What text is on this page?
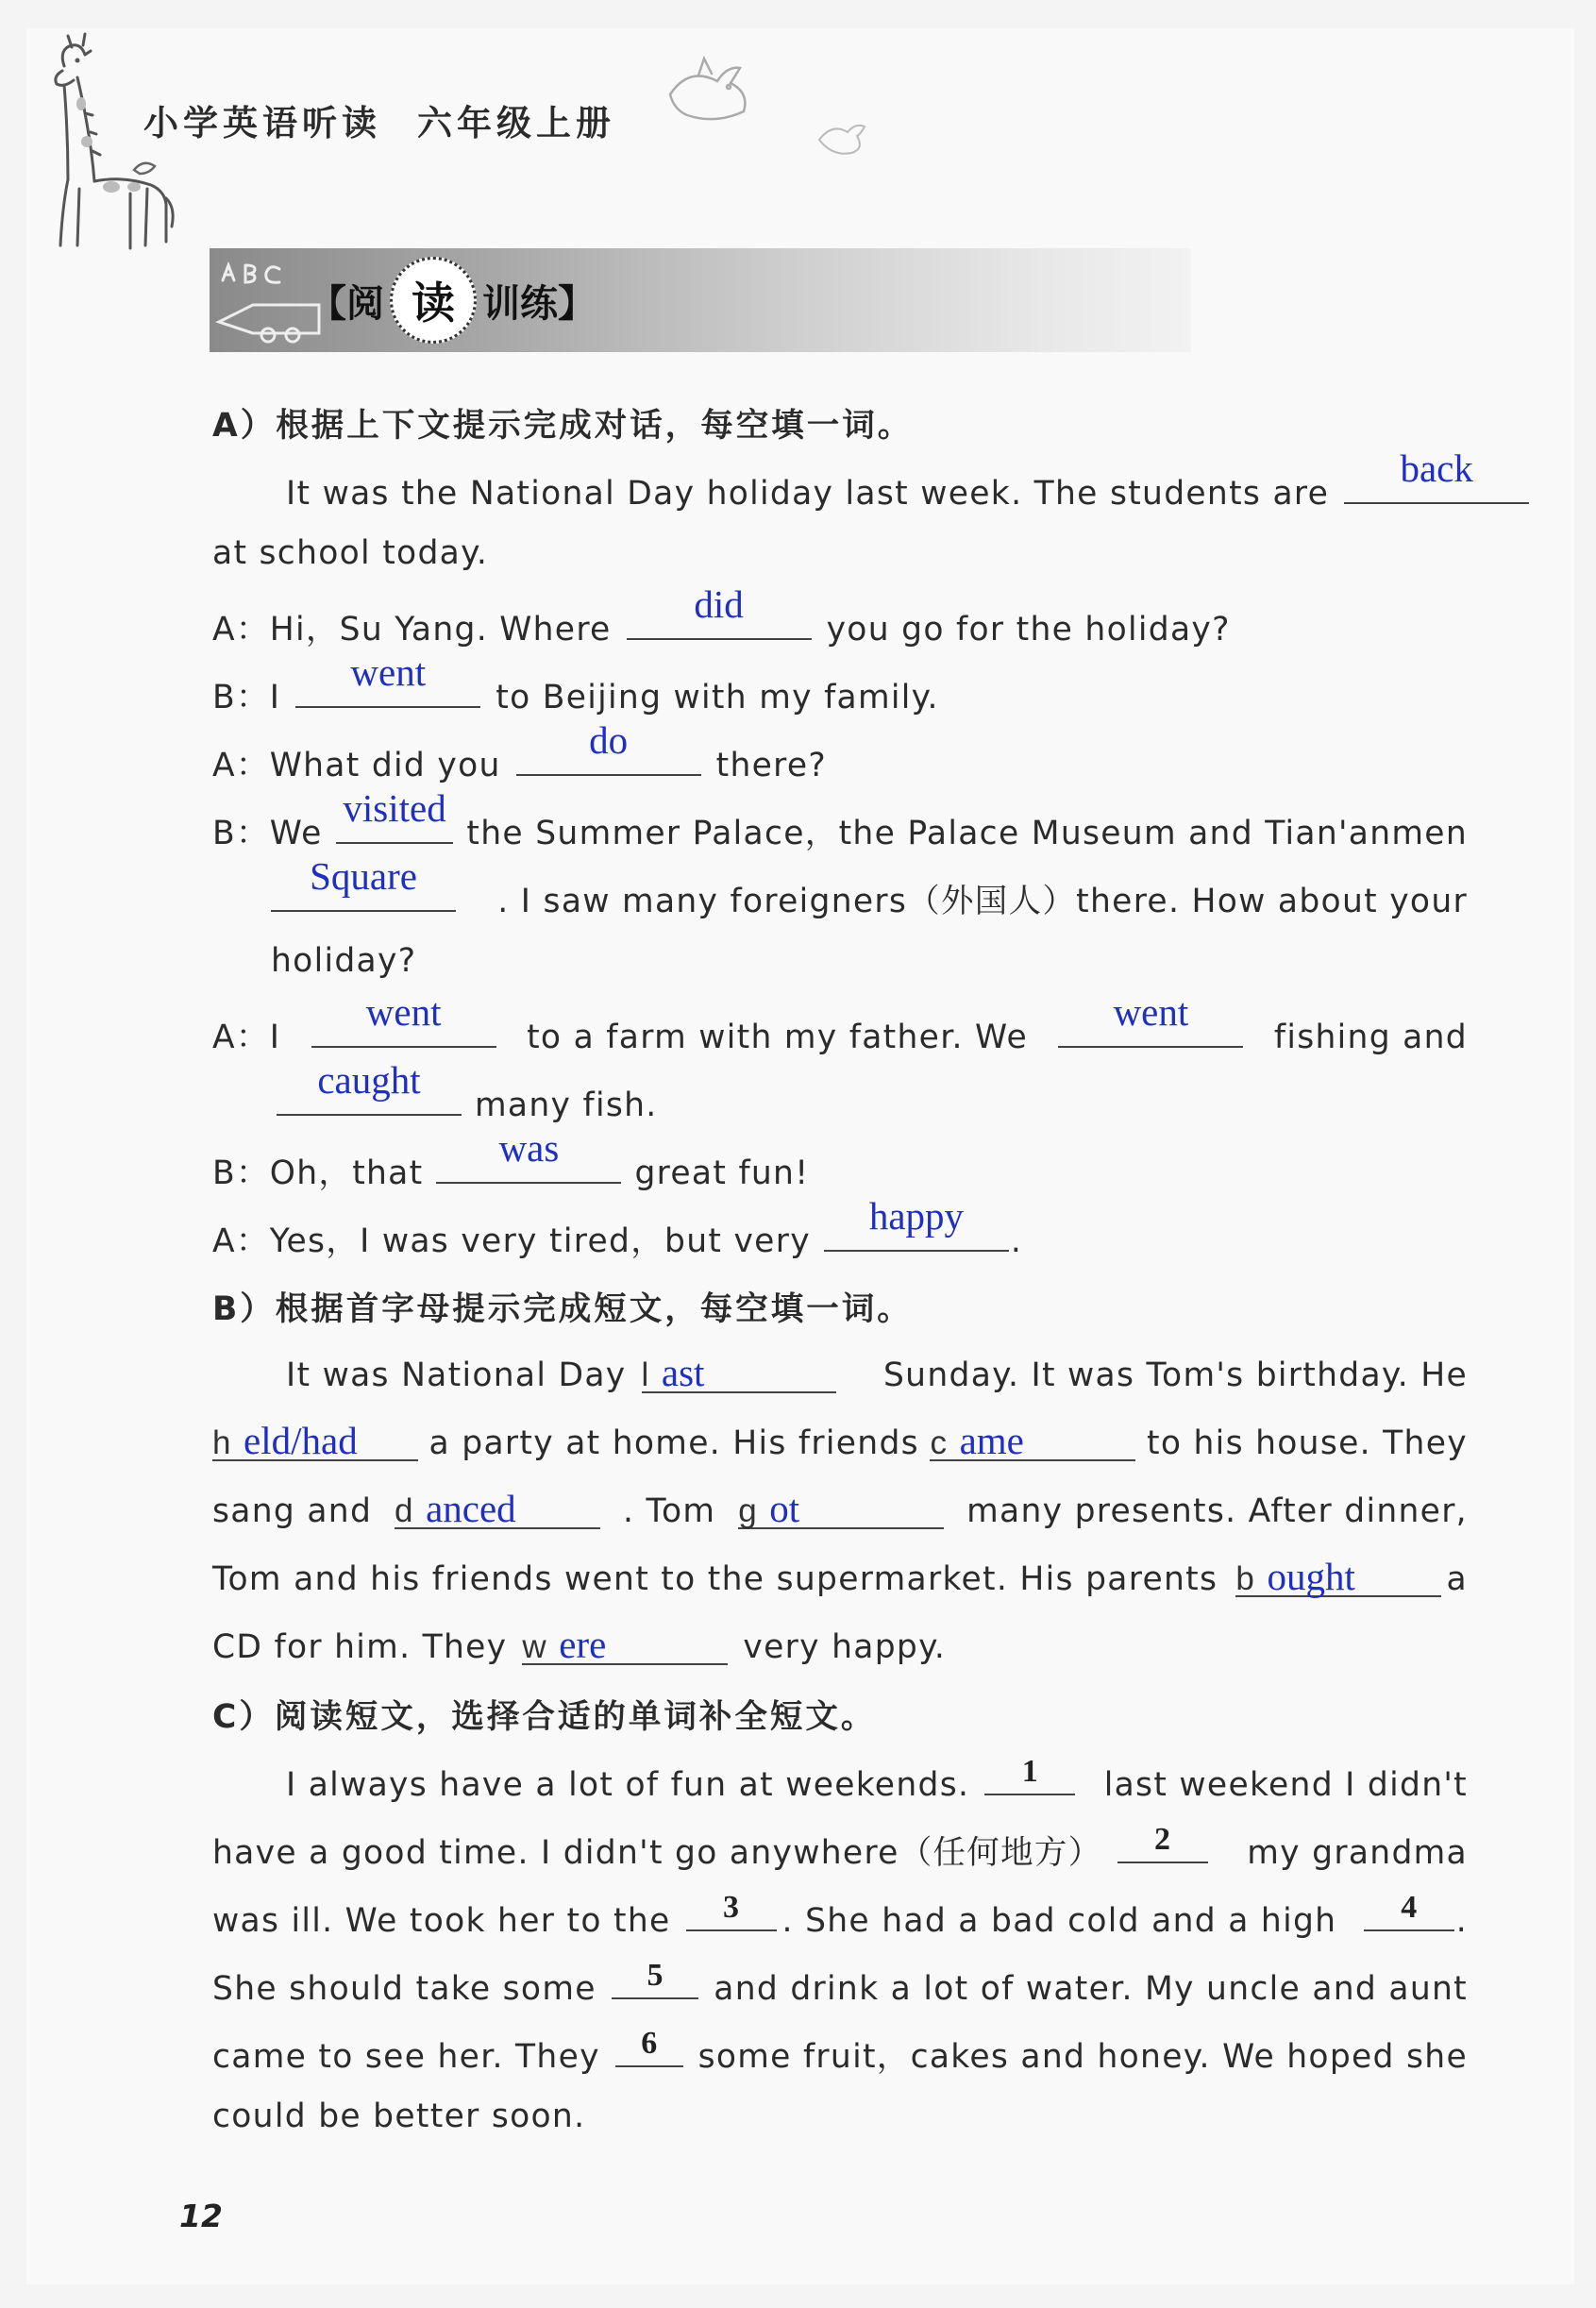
小学英语听读 六年级上册
【阅 读 训练】
A）根据上下文提示完成对话，每空填一词。
It was the National Day holiday last week. The students are
back
at school today.
A：Hi，Su Yang. Where
did
you go for the holiday?
B：I
went
to Beijing with my family.
A：What did you
do
there?
B：We
visited
the Summer Palace，the Palace Museum and Tian'anmen
Square
. I saw many foreigners（外国人）there. How about your
holiday?
A：I
went
to a farm with my father. We
went
fishing and
caught
many fish.
B：Oh，that
was
great fun!
A：Yes，I was very tired，but very
happy
.
B）根据首字母提示完成短文，每空填一词。
It was National Day l ast	Sunday. It was Tom's birthday. He
h eld/had	a party at home. His friends c ame	to his house. They
sang and d anced	. Tom g ot	many presents. After dinner,
Tom and his friends went to the supermarket. His parents b ought	a
CD for him. They w ere	very happy.
C）阅读短文，选择合适的单词补全短文。
I always have a lot of fun at weekends.	1	last weekend I didn't
have a good time. I didn't go anywhere（任何地方）	2	my grandma
was ill. We took her to the	3	. She had a bad cold and a high	4	.
She should take some	5	and drink a lot of water. My uncle and aunt
came to see her. They	6	some fruit，cakes and honey. We hoped she
could be better soon.
12
